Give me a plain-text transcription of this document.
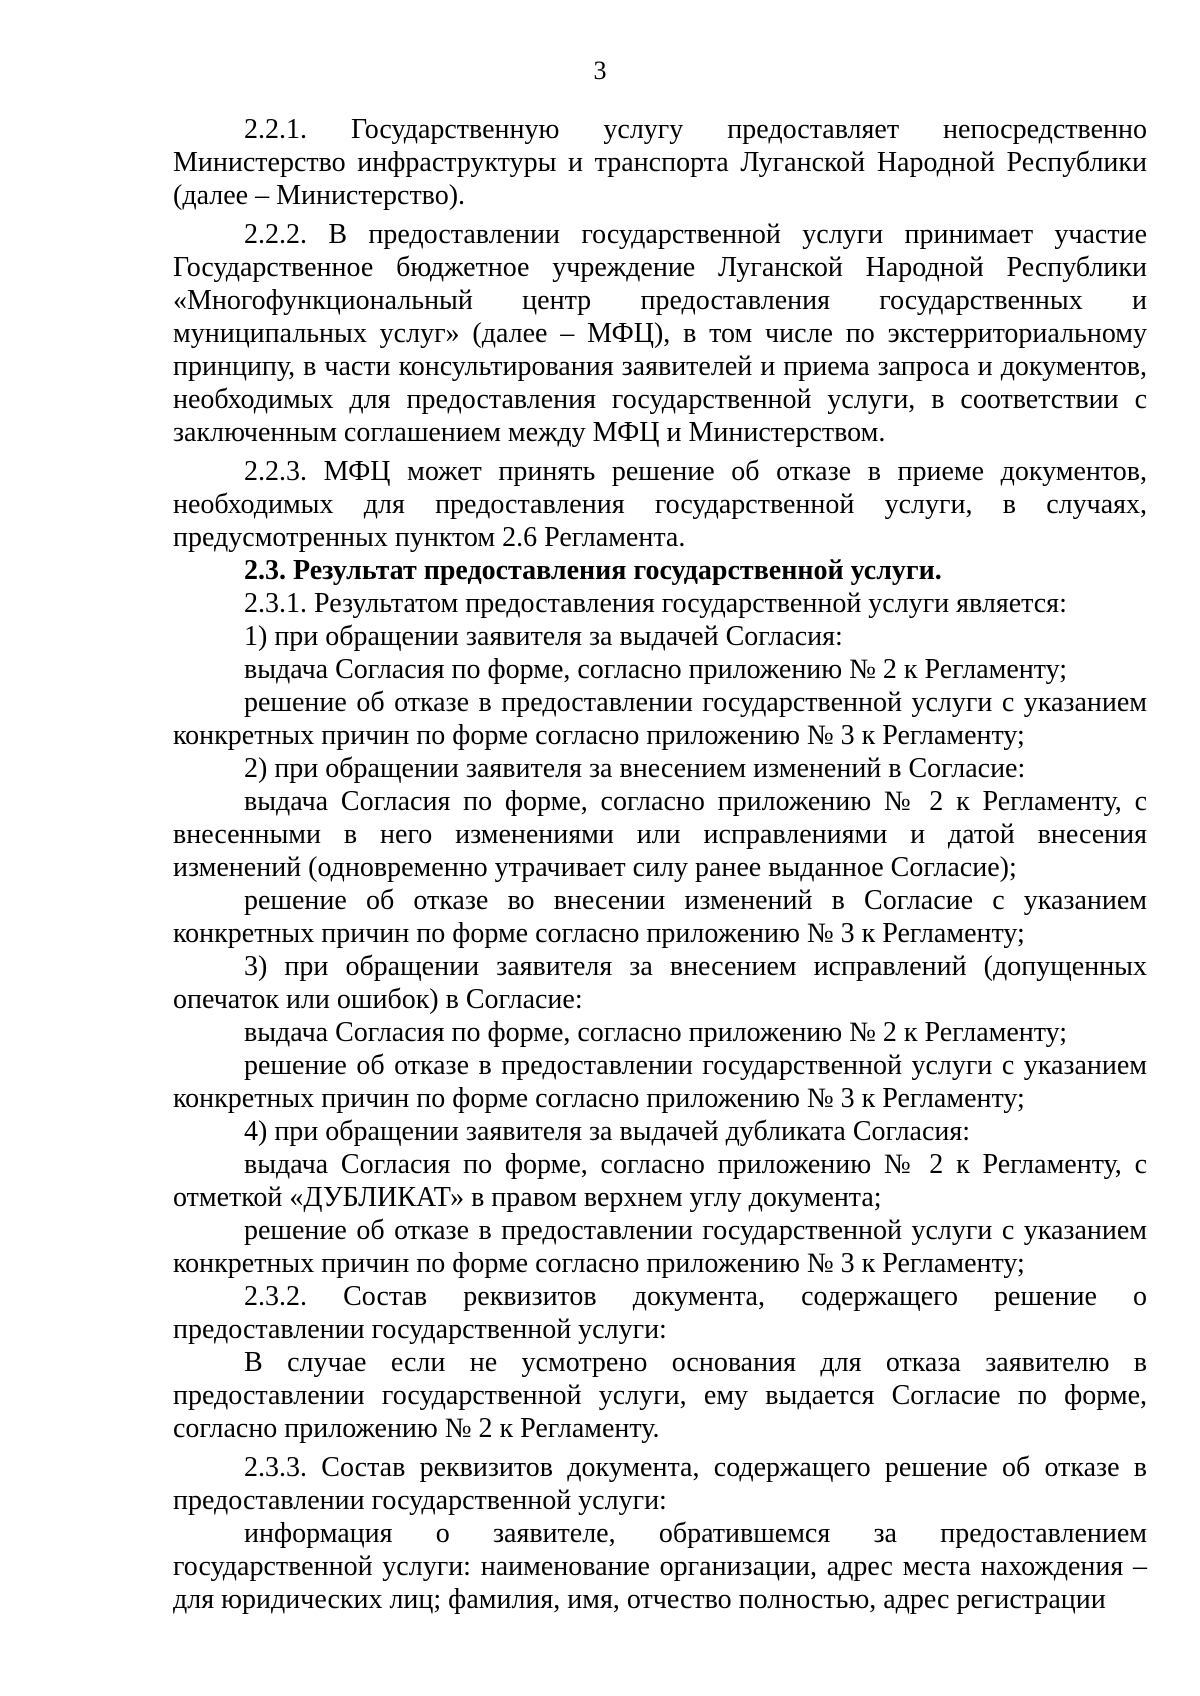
3

2.2.1. Государственную услугу предоставляет непосредственно Министерство инфраструктуры и транспорта Луганской Народной Республики (далее – Министерство).

2.2.2. В предоставлении государственной услуги принимает участие Государственное бюджетное учреждение Луганской Народной Республики «Многофункциональный центр предоставления государственных и муниципальных услуг» (далее – МФЦ), в том числе по экстерриториальному принципу, в части консультирования заявителей и приема запроса и документов, необходимых для предоставления государственной услуги, в соответствии с заключенным соглашением между МФЦ и Министерством.

2.2.3. МФЦ может принять решение об отказе в приеме документов, необходимых для предоставления государственной услуги, в случаях, предусмотренных пунктом 2.6 Регламента.

2.3. Результат предоставления государственной услуги.

2.3.1. Результатом предоставления государственной услуги является:

1) при обращении заявителя за выдачей Согласия:

выдача Согласия по форме, согласно приложению № 2 к Регламенту;

решение об отказе в предоставлении государственной услуги с указанием конкретных причин по форме согласно приложению № 3 к Регламенту;

2) при обращении заявителя за внесением изменений в Согласие:

выдача Согласия по форме, согласно приложению № 2 к Регламенту, с внесенными в него изменениями или исправлениями и датой внесения изменений (одновременно утрачивает силу ранее выданное Согласие);

решение об отказе во внесении изменений в Согласие с указанием конкретных причин по форме согласно приложению № 3 к Регламенту;

3) при обращении заявителя за внесением исправлений (допущенных опечаток или ошибок) в Согласие:

выдача Согласия по форме, согласно приложению № 2 к Регламенту;

решение об отказе в предоставлении государственной услуги с указанием конкретных причин по форме согласно приложению № 3 к Регламенту;

4) при обращении заявителя за выдачей дубликата Согласия:

выдача Согласия по форме, согласно приложению № 2 к Регламенту, с отметкой «ДУБЛИКАТ» в правом верхнем углу документа;

решение об отказе в предоставлении государственной услуги с указанием конкретных причин по форме согласно приложению № 3 к Регламенту;

2.3.2. Состав реквизитов документа, содержащего решение о предоставлении государственной услуги:

В случае если не усмотрено основания для отказа заявителю в предоставлении государственной услуги, ему выдается Согласие по форме, согласно приложению № 2 к Регламенту.

2.3.3. Состав реквизитов документа, содержащего решение об отказе в предоставлении государственной услуги:

информация о заявителе, обратившемся за предоставлением государственной услуги: наименование организации, адрес места нахождения – для юридических лиц; фамилия, имя, отчество полностью, адрес регистрации
